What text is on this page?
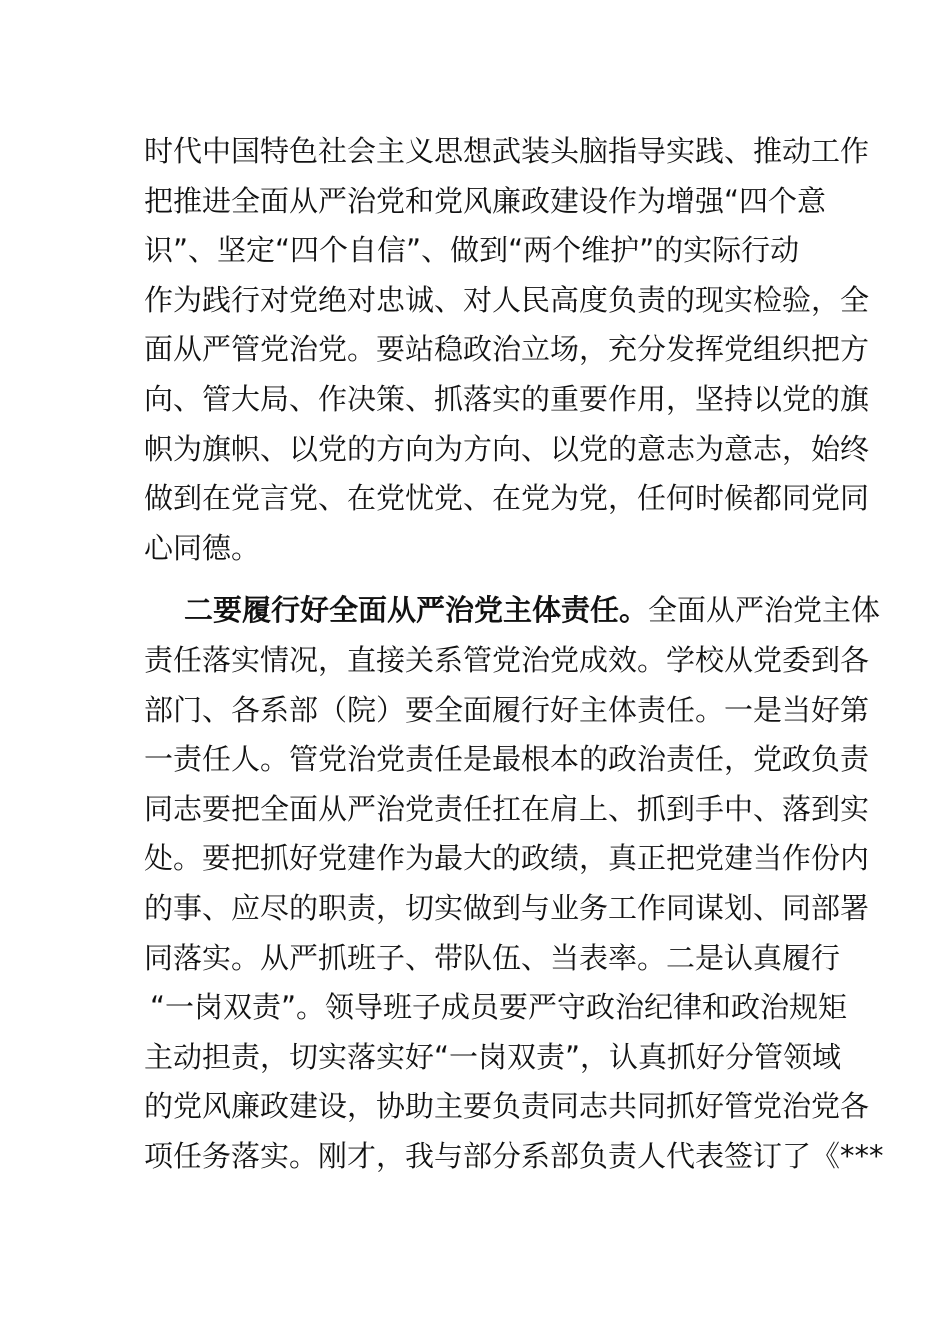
时代中国特色社会主义思想武装头脑指导实践、推动工作
把推进全面从严治党和党风廉政建设作为增强“四个意
识”、坚定“四个自信”、做到“两个维护”的实际行动
作为践行对党绝对忠诚、对人民高度负责的现实检验，全
面从严管党治党。要站稳政治立场，充分发挥党组织把方
向、管大局、作决策、抓落实的重要作用，坚持以党的旗
帜为旗帜、以党的方向为方向、以党的意志为意志，始终
做到在党言党、在党忧党、在党为党，任何时候都同党同
心同德。
二要履行好全面从严治党主体责任。全面从严治党主体
责任落实情况，直接关系管党治党成效。学校从党委到各
部门、各系部（院）要全面履行好主体责任。一是当好第
一责任人。管党治党责任是最根本的政治责任，党政负责
同志要把全面从严治党责任扛在肩上、抓到手中、落到实
处。要把抓好党建作为最大的政绩，真正把党建当作份内
的事、应尽的职责，切实做到与业务工作同谋划、同部署
同落实。从严抓班子、带队伍、当表率。二是认真履行
“一岗双责”。领导班子成员要严守政治纪律和政治规矩
主动担责，切实落实好“一岗双责”，认真抓好分管领域
的党风廉政建设，协助主要负责同志共同抓好管党治党各
项任务落实。刚才，我与部分系部负责人代表签订了《***
